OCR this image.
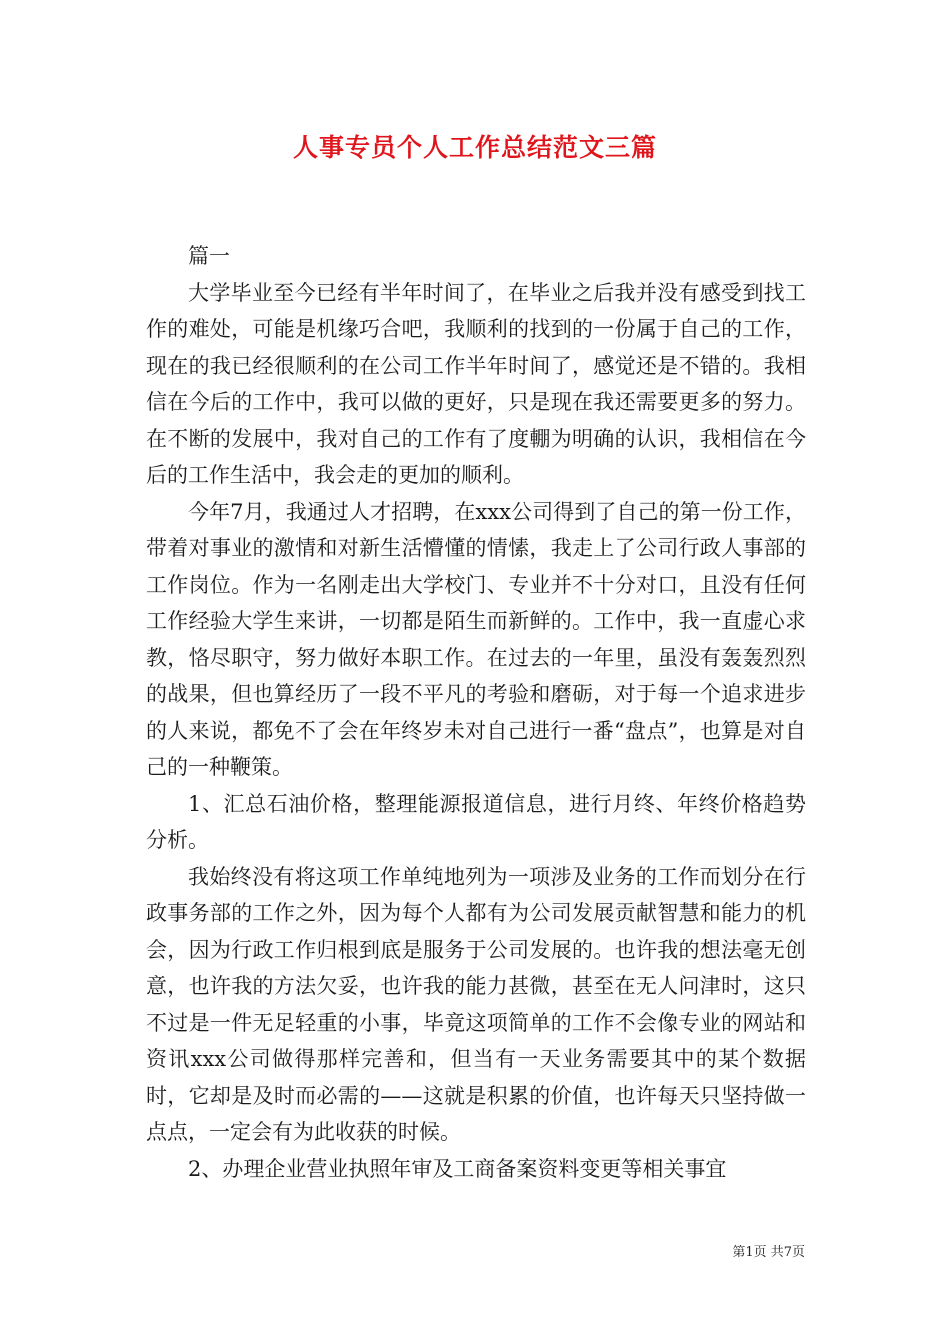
人事专员个人工作总结范文三篇

篇一

大学毕业至今已经有半年时间了，在毕业之后我并没有感受到找工作的难处，可能是机缘巧合吧，我顺利的找到的一份属于自己的工作，现在的我已经很顺利的在公司工作半年时间了，感觉还是不错的。我相信在今后的工作中，我可以做的更好，只是现在我还需要更多的努力。在不断的发展中，我对自己的工作有了度輣为明确的认识，我相信在今后的工作生活中，我会走的更加的顺利。

今年7月，我通过人才招聘，在xxx公司得到了自己的第一份工作，带着对事业的激情和对新生活懵懂的情愫，我走上了公司行政人事部的工作岗位。作为一名刚走出大学校门、专业并不十分对口，且没有任何工作经验大学生来讲，一切都是陌生而新鲜的。工作中，我一直虚心求教，恪尽职守，努力做好本职工作。在过去的一年里，虽没有轰轰烈烈的战果，但也算经历了一段不平凡的考验和磨砺，对于每一个追求进步的人来说，都免不了会在年终岁未对自己进行一番“盘点”，也算是对自己的一种鞭策。

1、汇总石油价格，整理能源报道信息，进行月终、年终价格趋势分析。

我始终没有将这项工作单纯地列为一项涉及业务的工作而划分在行政事务部的工作之外，因为每个人都有为公司发展贡献智慧和能力的机会，因为行政工作归根到底是服务于公司发展的。也许我的想法毫无创意，也许我的方法欠妥，也许我的能力甚微，甚至在无人问津时，这只不过是一件无足轻重的小事，毕竟这项简单的工作不会像专业的网站和资讯xxx公司做得那样完善和，但当有一天业务需要其中的某个数据时，它却是及时而必需的——这就是积累的价值，也许每天只坚持做一点点，一定会有为此收获的时候。

2、办理企业营业执照年审及工商备案资料变更等相关事宜

第1页 共7页
